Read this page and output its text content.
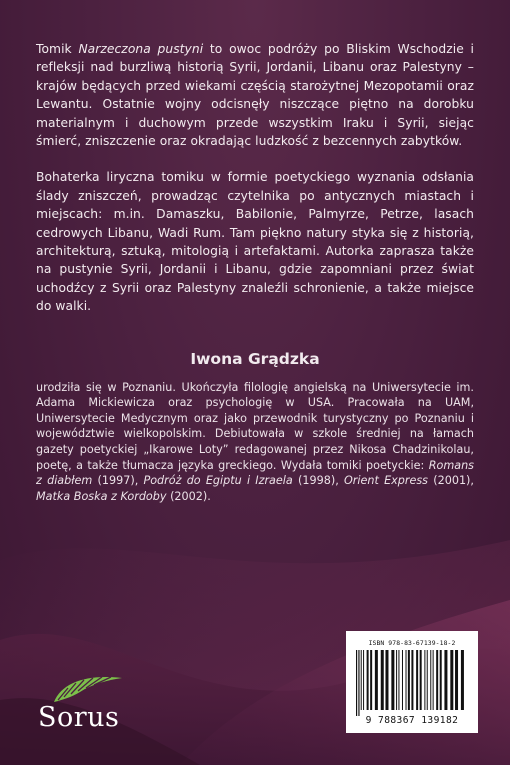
Tomik Narzeczona pustyni to owoc podróży po Bliskim Wschodzie i refleksji nad burzliwą historią Syrii, Jordanii, Libanu oraz Palestyny – krajów będących przed wiekami częścią starożytnej Mezopotamii oraz Lewantu. Ostatnie wojny odcisnęły niszczące piętno na dorobku materialnym i duchowym przede wszystkim Iraku i Syrii, siejąc śmierć, zniszczenie oraz okradając ludzkość z bezcennych zabytków.

Bohaterka liryczna tomiku w formie poetyckiego wyznania odsłania ślady zniszczeń, prowadząc czytelnika po antycznych miastach i miejscach: m.in. Damaszku, Babilonie, Palmyrze, Petrze, lasach cedrowych Libanu, Wadi Rum. Tam piękno natury styka się z historią, architekturą, sztuką, mitologią i artefaktami. Autorka zaprasza także na pustynie Syrii, Jordanii i Libanu, gdzie zapomniani przez świat uchodźcy z Syrii oraz Palestyny znaleźli schronienie, a także miejsce do walki.

Iwona Grądzka

urodziła się w Poznaniu. Ukończyła filologię angielską na Uniwersytecie im. Adama Mickiewicza oraz psychologię w USA. Pracowała na UAM, Uniwersytecie Medycznym oraz jako przewodnik turystyczny po Poznaniu i województwie wielkopolskim. Debiutowała w szkole średniej na łamach gazety poetyckiej „Ikarowe Loty” redagowanej przez Nikosa Chadzinikolau, poetę, a także tłumacza języka greckiego. Wydała tomiki poetyckie: Romans z diabłem (1997), Podróż do Egiptu i Izraela (1998), Orient Express (2001), Matka Boska z Kordoby (2002).

Sorus
ISBN 978-83-67139-18-2
9 788367 139182
